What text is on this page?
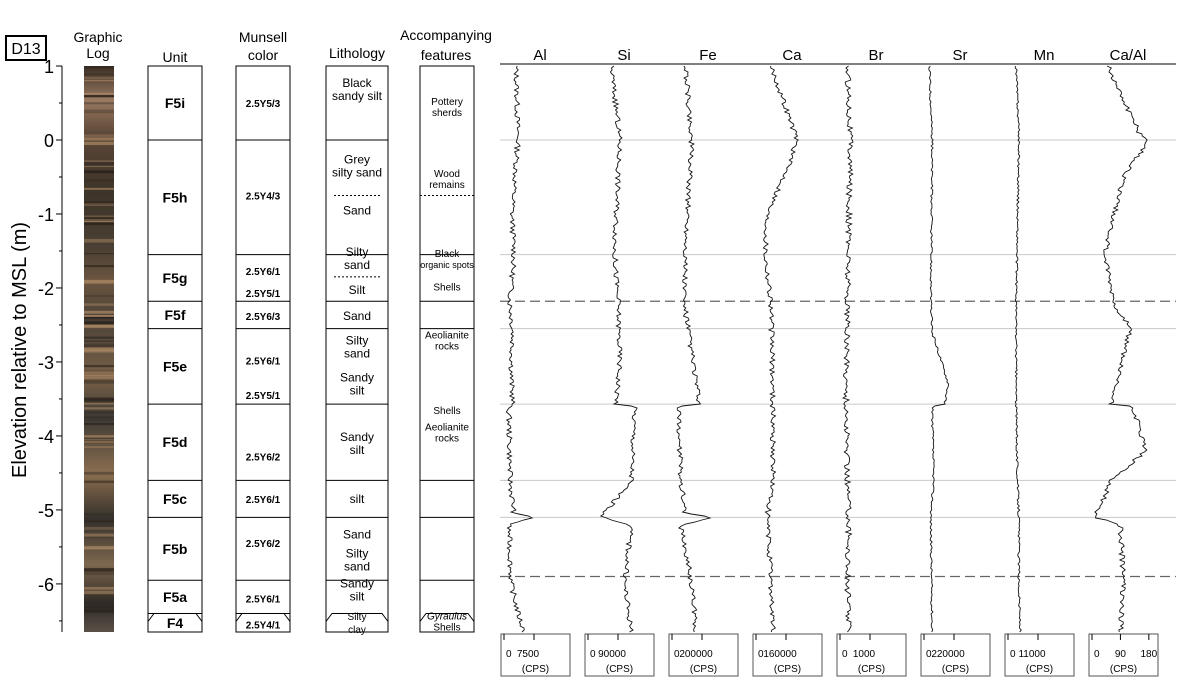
D13
Elevation relative to MSL (m)
Graphic
Log	Unit
Munsell
color	Lithology
Accompanying
features
1
0
-1
-2
-3
-4
-5
-6
F5i
F5h
F5g
F5f
F5e
F5d
F5c
F5b
F5a
F4
2.5Y5/3
2.5Y4/3
2.5Y6/1
2.5Y5/1
2.5Y6/3
2.5Y6/1
2.5Y5/1
2.5Y6/2
2.5Y6/1
2.5Y6/2
2.5Y6/1
2.5Y4/1
Black
sandy silt
Grey
silty sand
Sand
Silty
sand
Silt
Sand
Silty
sand
Sandy
silt
Sandy
silt
silt
Sand
Silty
sand
Sandy
silt
Silty
clay
Pottery
sherds
Wood
remains
Black
organic spots
Shells
Aeolianite
rocks
Shells
Aeolianite
rocks
Gyraulus
Shells
Al
0 7500
(CPS)
Si
0 90000
(CPS)
Fe
0 200000
(CPS)
Ca
0 160000
(CPS)
Br
0 1000
(CPS)
Sr
0 220000
(CPS)
Mn
0 11000
(CPS)
Ca/Al
0 90 180
(CPS)
